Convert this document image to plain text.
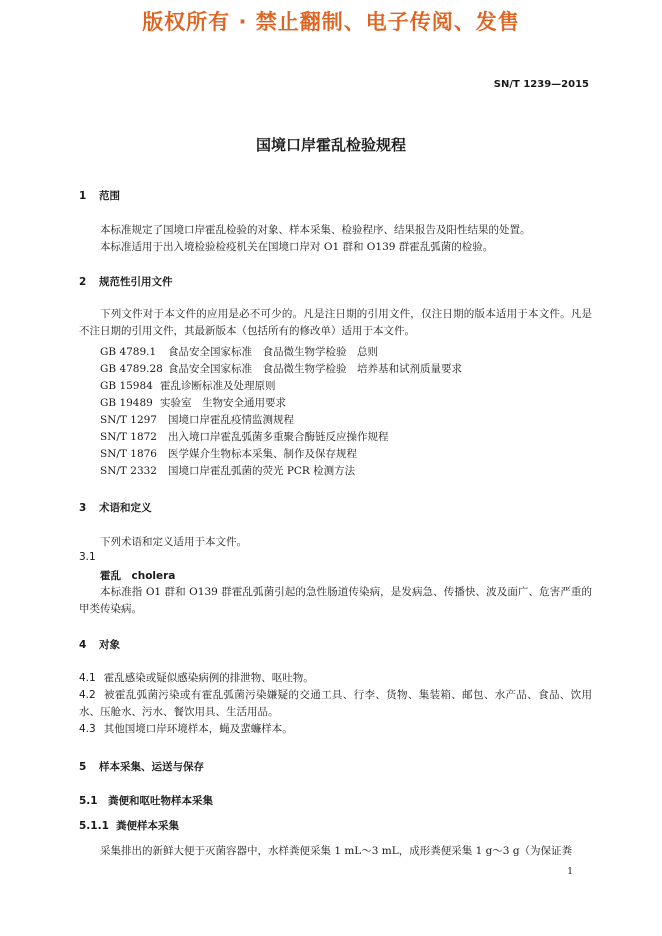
版权所有 · 禁止翻制、电子传阅、发售
SN/T 1239—2015
国境口岸霍乱检验规程
1 范围
本标准规定了国境口岸霍乱检验的对象、样本采集、检验程序、结果报告及阳性结果的处置。
本标准适用于出入境检验检疫机关在国境口岸对 O1 群和 O139 群霍乱弧菌的检验。
2 规范性引用文件
下列文件对于本文件的应用是必不可少的。凡是注日期的引用文件，仅注日期的版本适用于本文件。凡是不注日期的引用文件，其最新版本（包括所有的修改单）适用于本文件。
GB 4789.1 食品安全国家标准　食品微生物学检验　总则
GB 4789.28 食品安全国家标准　食品微生物学检验　培养基和试剂质量要求
GB 15984 霍乱诊断标准及处理原则
GB 19489 实验室　生物安全通用要求
SN/T 1297 国境口岸霍乱疫情监测规程
SN/T 1872 出入境口岸霍乱弧菌多重聚合酶链反应操作规程
SN/T 1876 医学媒介生物标本采集、制作及保存规程
SN/T 2332 国境口岸霍乱弧菌的荧光 PCR 检测方法
3 术语和定义
下列术语和定义适用于本文件。
3.1
霍乱　cholera
本标准指 O1 群和 O139 群霍乱弧菌引起的急性肠道传染病，是发病急、传播快、波及面广、危害严重的甲类传染病。
4 对象
4.1 霍乱感染或疑似感染病例的排泄物、呕吐物。
4.2 被霍乱弧菌污染或有霍乱弧菌污染嫌疑的交通工具、行李、货物、集装箱、邮包、水产品、食品、饮用水、压舱水、污水、餐饮用具、生活用品。
4.3 其他国境口岸环境样本，蝇及蜚蠊样本。
5 样本采集、运送与保存
5.1 粪便和呕吐物样本采集
5.1.1 粪便样本采集
采集排出的新鲜大便于灭菌容器中，水样粪便采集 1 mL～3 mL，成形粪便采集 1 g～3 g（为保证粪
1
